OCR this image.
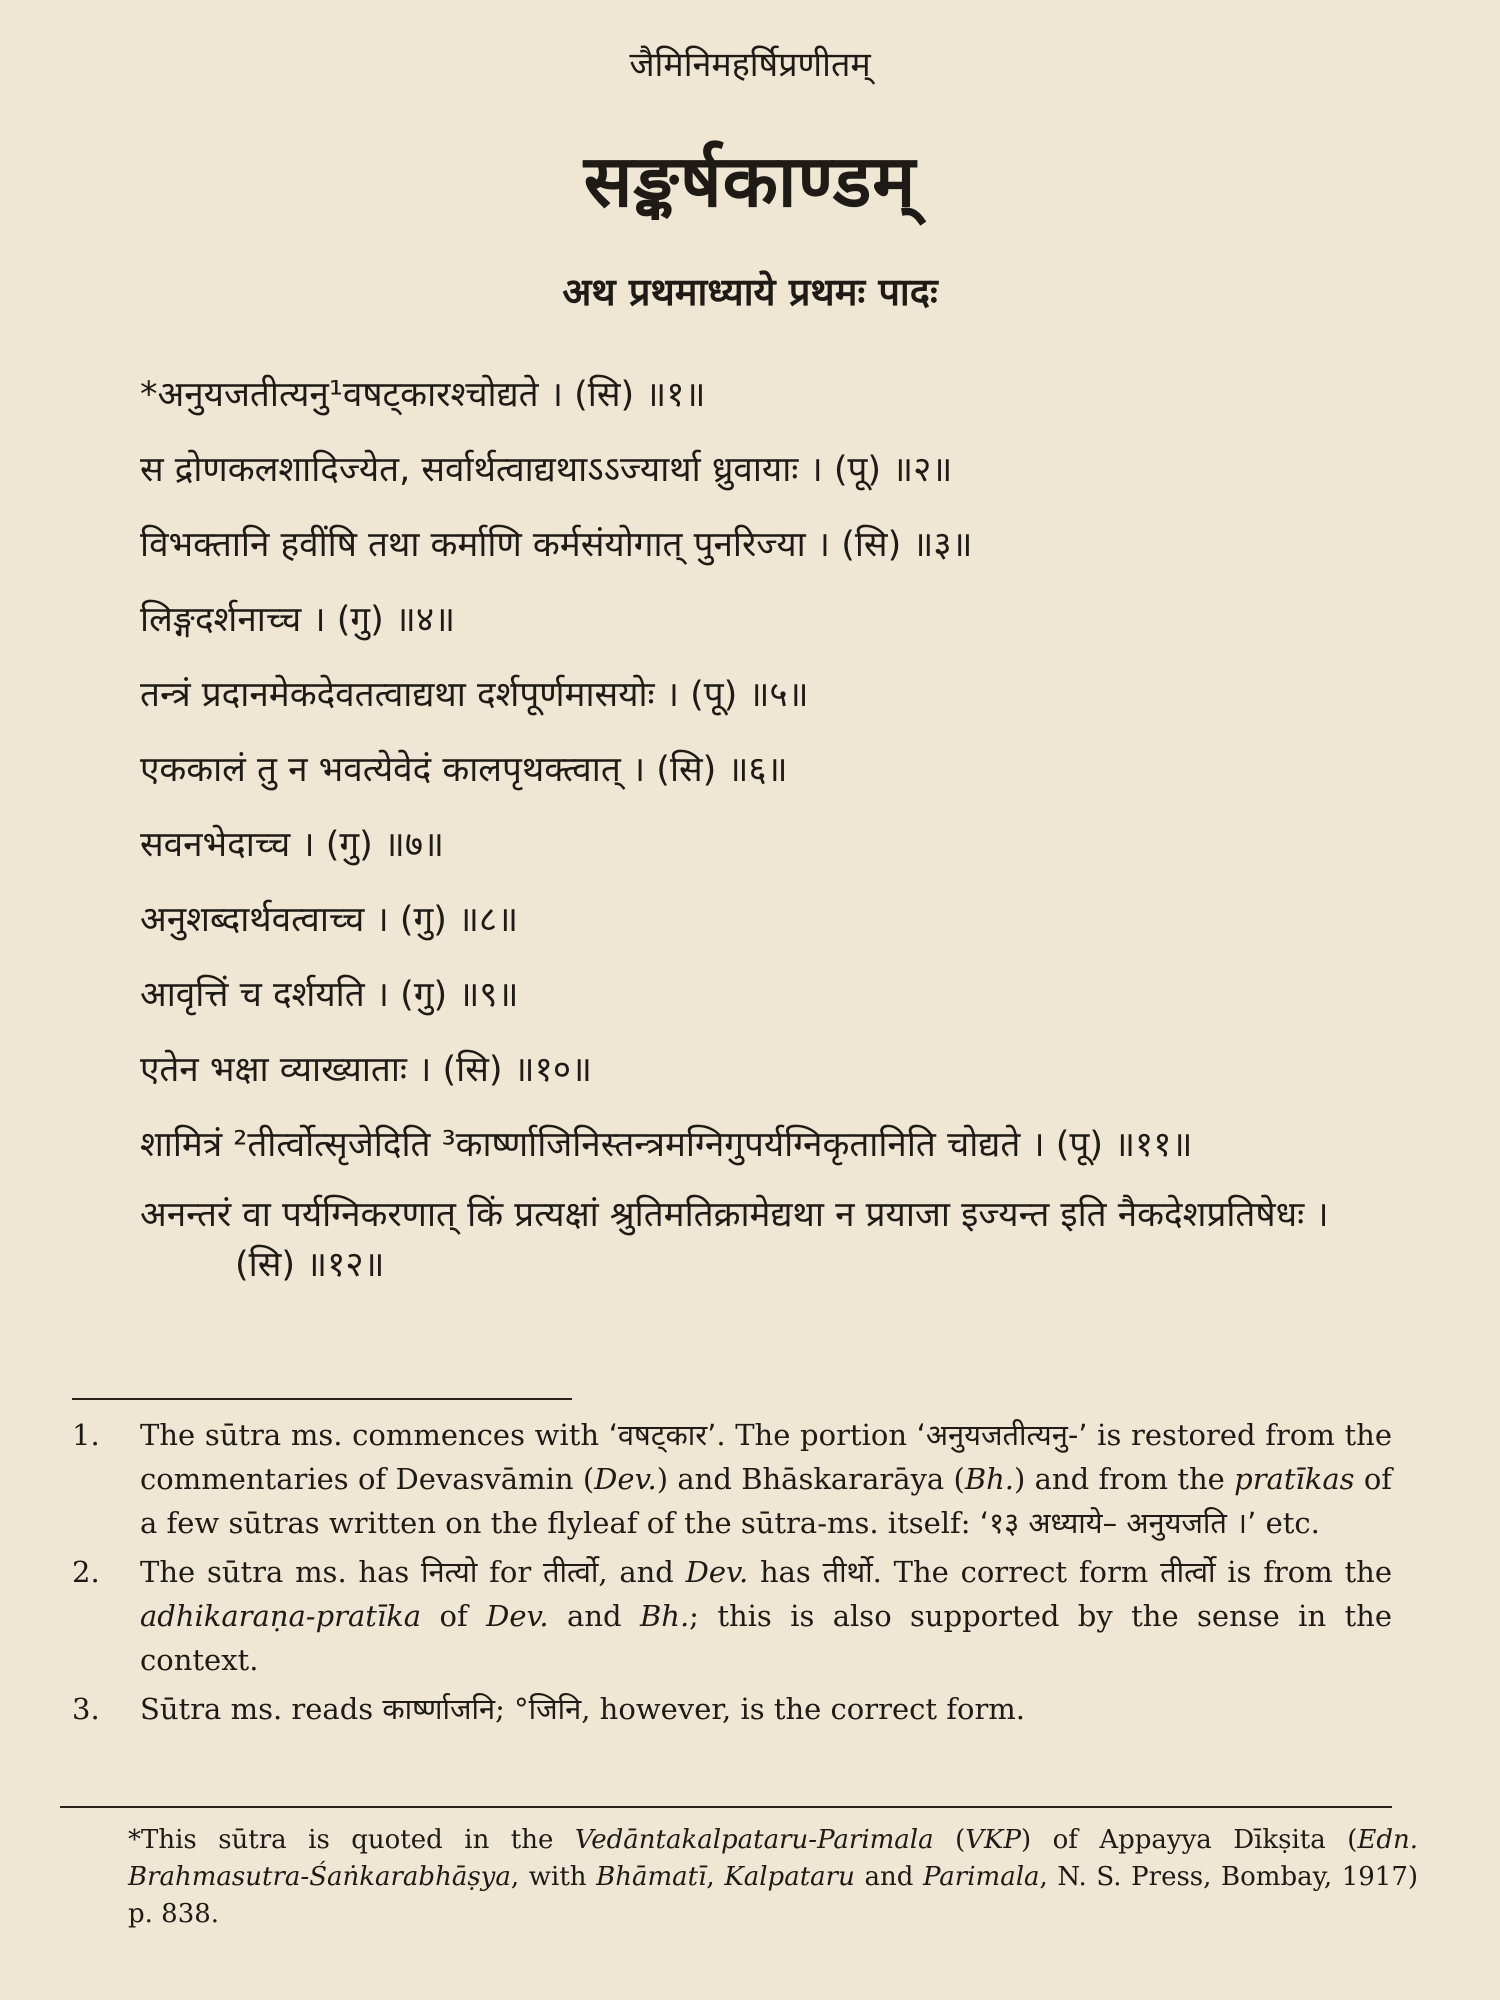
जैमिनिमहर्षिप्रणीतम्
सङ्कर्षकाण्डम्
अथ प्रथमाध्याये प्रथमः पादः
*अनुयजतीत्यनु¹वषट्कारश्चोद्यते । (सि) ॥१॥
स द्रोणकलशादिज्येत, सर्वार्थत्वाद्यथाऽऽज्यार्था ध्रुवायाः । (पू) ॥२॥
विभक्तानि हवींषि तथा कर्माणि कर्मसंयोगात् पुनरिज्या । (सि) ॥३॥
लिङ्गदर्शनाच्च । (गु) ॥४॥
तन्त्रं प्रदानमेकदेवतत्वाद्यथा दर्शपूर्णमासयोः । (पू) ॥५॥
एककालं तु न भवत्येवेदं कालपृथक्त्वात् । (सि) ॥६॥
सवनभेदाच्च । (गु) ॥७॥
अनुशब्दार्थवत्वाच्च । (गु) ॥८॥
आवृत्तिं च दर्शयति । (गु) ॥९॥
एतेन भक्षा व्याख्याताः । (सि) ॥१०॥
शामित्रं ²तीर्त्वोत्सृजेदिति ³कार्ष्णाजिनिस्तन्त्रमग्निगुपर्यग्निकृतानिति चोद्यते । (पू) ॥११॥
अनन्तरं वा पर्यग्निकरणात् किं प्रत्यक्षां श्रुतिमतिक्रामेद्यथा न प्रयाजा इज्यन्त इति नैकदेशप्रतिषेधः । (सि) ॥१२॥
1.	The sūtra ms. commences with ‘वषट्कार’. The portion ‘अनुयजतीत्यनु-’ is restored from the commentaries of Devasvāmin (Dev.) and Bhāskararāya (Bh.) and from the pratīkas of a few sūtras written on the flyleaf of the sūtra-ms. itself: ‘१३ अध्याये– अनुयजति ।’ etc.
2.	The sūtra ms. has नित्यो for तीर्त्वो, and Dev. has तीर्थो. The correct form तीर्त्वो is from the adhikaraṇa-pratīka of Dev. and Bh.; this is also supported by the sense in the context.
3.	Sūtra ms. reads कार्ष्णाजनि; °जिनि, however, is the correct form.
*This sūtra is quoted in the Vedāntakalpataru-Parimala (VKP) of Appayya Dīkṣita (Edn. Brahmasutra-Śaṅkarabhāṣya, with Bhāmatī, Kalpataru and Parimala, N. S. Press, Bombay, 1917) p. 838.
